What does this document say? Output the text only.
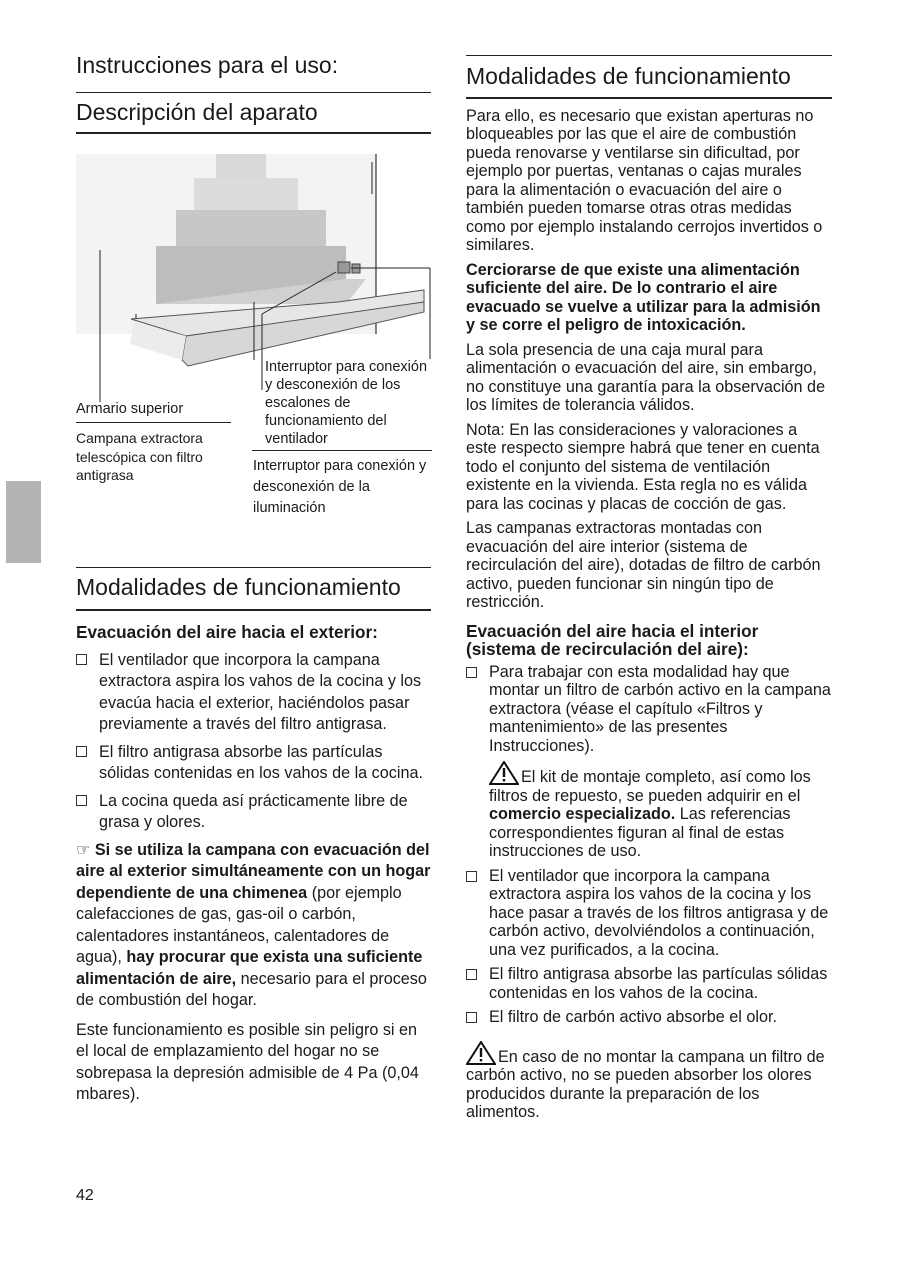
Instrucciones para el uso:
Descripción del aparato
Armario superior
Campana extractora telescópica con filtro antigrasa
Interruptor para conexión y desconexión de los escalones de funcionamiento del ventilador
Interruptor para conexión y desconexión de la iluminación
Modalidades de funcionamiento
Evacuación del aire hacia el exterior:
El ventilador que incorpora la campana extractora aspira los vahos de la cocina y los evacúa hacia el exterior, haciéndolos pasar previamente a través del filtro antigrasa.
El filtro antigrasa absorbe las partículas sólidas contenidas en los vahos de la cocina.
La cocina queda así prácticamente libre de grasa y olores.

☞ Si se utiliza la campana con evacuación del aire al exterior simultáneamente con un hogar dependiente de una chimenea (por ejemplo calefacciones de gas, gas-oil o carbón, calentadores instantáneos, calentadores de agua), hay procurar que exista una suficiente alimentación de aire, necesario para el proceso de combustión del hogar.

Este funcionamiento es posible sin peligro si en el local de emplazamiento del hogar no se sobrepasa la depresión admisible de 4 Pa (0,04 mbares).

42
Modalidades de funcionamiento

Para ello, es necesario que existan aperturas no bloqueables por las que el aire de combustión pueda renovarse y ventilarse sin dificultad, por ejemplo por puertas, ventanas o cajas murales para la alimentación o evacuación del aire o también pueden tomarse otras otras medidas como por ejemplo instalando cerrojos invertidos o similares.

Cerciorarse de que existe una alimentación suficiente del aire. De lo contrario el aire evacuado se vuelve a utilizar para la admisión y se corre el peligro de intoxicación.

La sola presencia de una caja mural para alimentación o evacuación del aire, sin embargo, no constituye una garantía para la observación de los límites de tolerancia válidos.

Nota: En las consideraciones y valoraciones a este respecto siempre habrá que tener en cuenta todo el conjunto del sistema de ventilación existente en la vivienda. Esta regla no es válida para las cocinas y placas de cocción de gas.

Las campanas extractoras montadas con evacuación del aire interior (sistema de recirculación del aire), dotadas de filtro de carbón activo, pueden funcionar sin ningún tipo de restricción.

Evacuación del aire hacia el interior (sistema de recirculación del aire):
Para trabajar con esta modalidad hay que montar un filtro de carbón activo en la campana extractora (véase el capítulo «Filtros y mantenimiento» de las presentes Instrucciones).

El kit de montaje completo, así como los filtros de repuesto, se pueden adquirir en el comercio especializado. Las referencias correspondientes figuran al final de estas instrucciones de uso.

El ventilador que incorpora la campana extractora aspira los vahos de la cocina y los hace pasar a través de los filtros antigrasa y de carbón activo, devolviéndolos a continuación, una vez purificados, a la cocina.
El filtro antigrasa absorbe las partículas sólidas contenidas en los vahos de la cocina.
El filtro de carbón activo absorbe el olor.

En caso de no montar la campana un filtro de carbón activo, no se pueden absorber los olores producidos durante la preparación de los alimentos.
